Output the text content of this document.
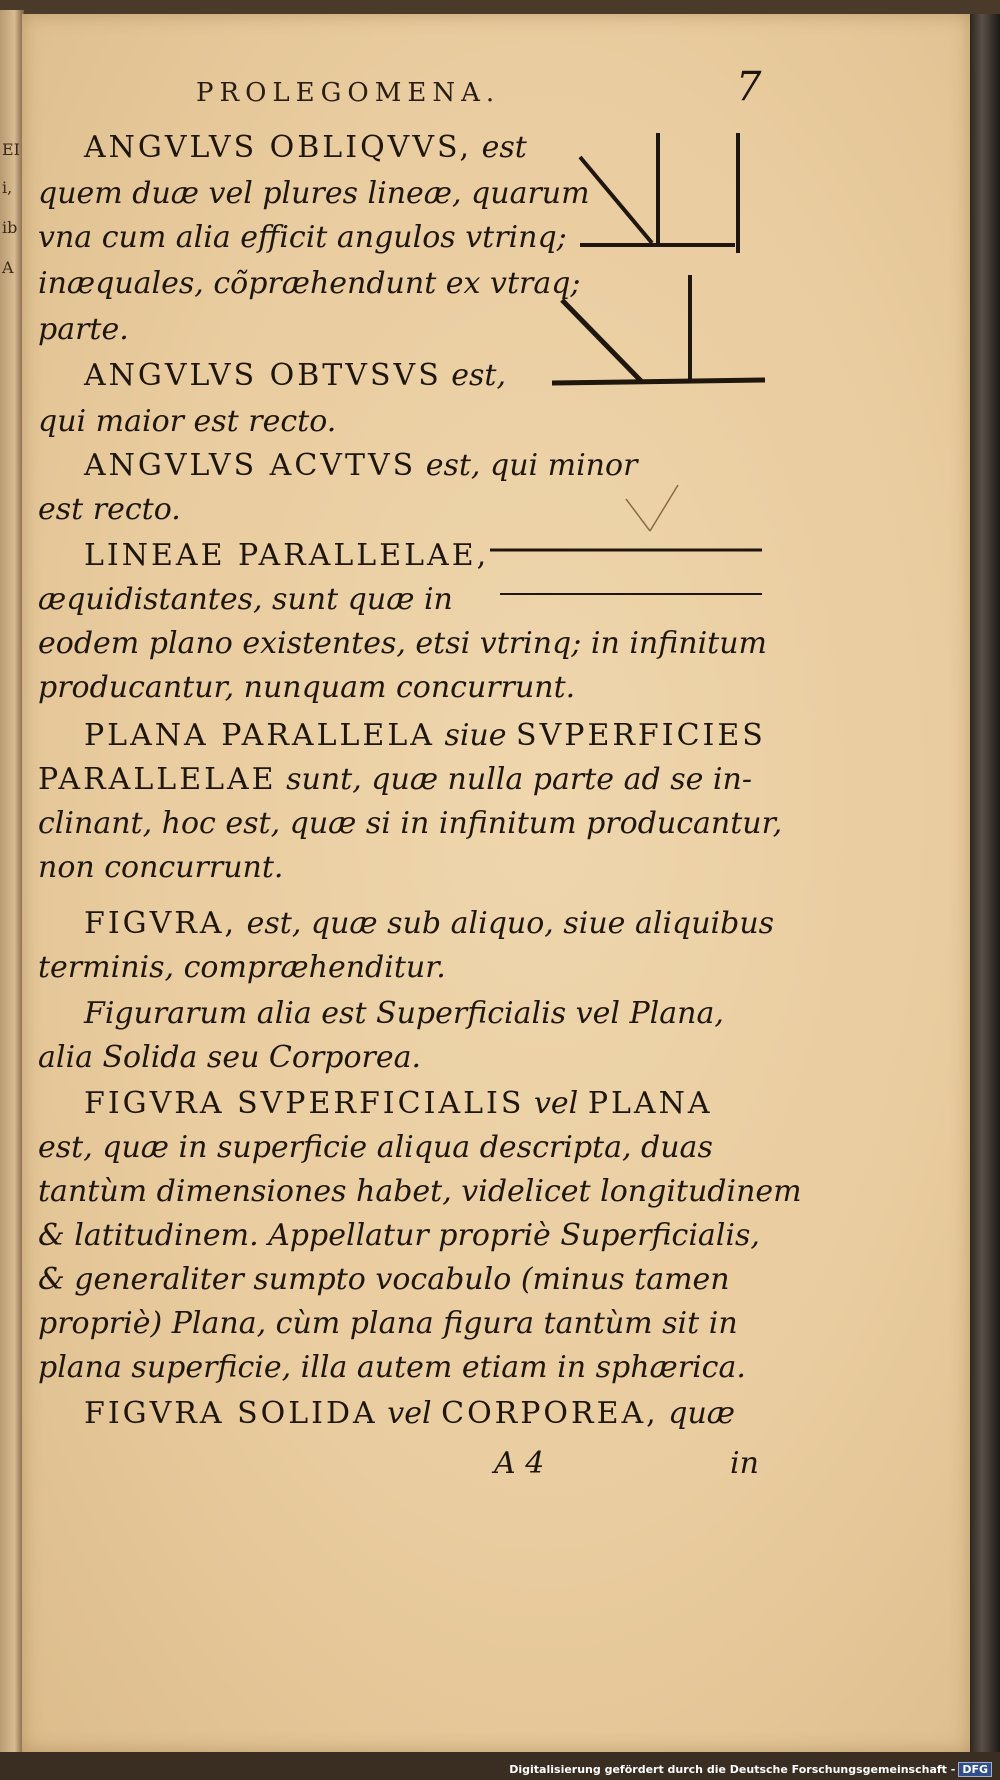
EI
i,
ib
A
PROLEGOMENA.	7
ANGVLVS OBLIQVVS, est
quem duæ vel plures lineæ, quarum
vna cum alia efficit angulos vtrinq;
inæquales, cõpræhendunt ex vtraq;
parte.
ANGVLVS OBTVSVS est,
qui maior est recto.
ANGVLVS ACVTVS est, qui minor
est recto.
LINEAE PARALLELAE,
æquidistantes, sunt quæ in
eodem plano existentes, etsi vtrinq; in infinitum
producantur, nunquam concurrunt.
PLANA PARALLELA siue SVPERFICIES
PARALLELAE sunt, quæ nulla parte ad se in-
clinant, hoc est, quæ si in infinitum producantur,
non concurrunt.
FIGVRA, est, quæ sub aliquo, siue aliquibus
terminis, compræhenditur.
Figurarum alia est Superficialis vel Plana,
alia Solida seu Corporea.
FIGVRA SVPERFICIALIS vel PLANA
est, quæ in superficie aliqua descripta, duas
tantùm dimensiones habet, videlicet longitudinem
& latitudinem. Appellatur propriè Superficialis,
& generaliter sumpto vocabulo (minus tamen
propriè) Plana, cùm plana figura tantùm sit in
plana superficie, illa autem etiam in sphærica.
FIGVRA SOLIDA vel CORPOREA, quæ
A 4	in
Digitalisierung gefördert durch die Deutsche Forschungsgemeinschaft - DFG
